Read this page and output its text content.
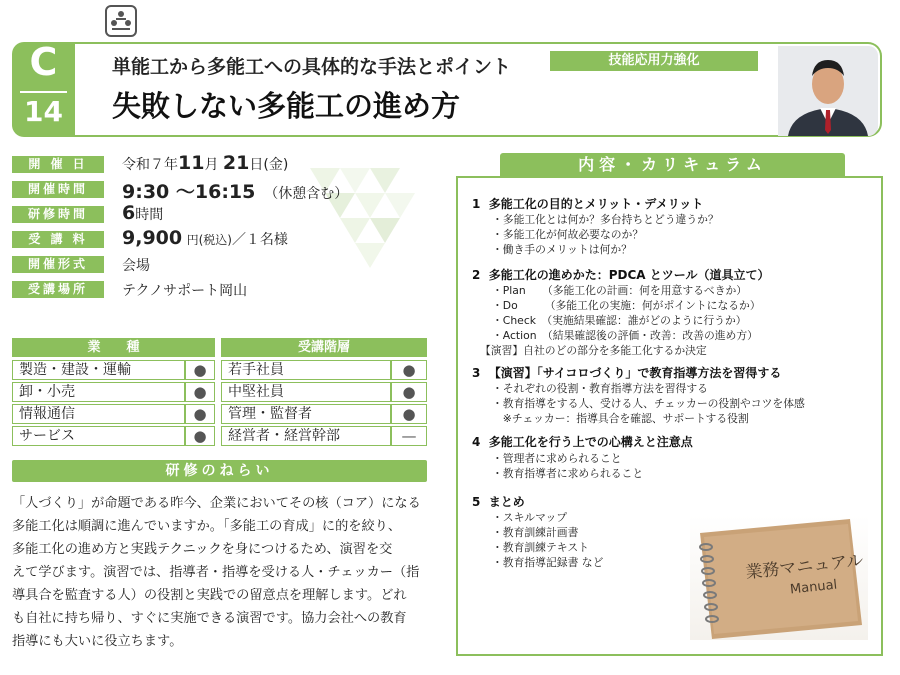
C
14
単能工から多能工への具体的な手法とポイント
失敗しない多能工の進め方
技能応用力強化
開 催 日	令和７年11月 21日(金)
開催時間	9:30 ～16:15 （休憩含む）
研修時間	6時間
受 講 料	9,900 円(税込)／１名様
開催形式	会場
受講場所	テクノサポート岡山
業　　種
製造・建設・運輸	●
卸・小売	●
情報通信	●
サービス	●
受講階層
若手社員	●
中堅社員	●
管理・監督者	●
経営者・経営幹部	—
研修のねらい
「人づくり」が命題である昨今、企業においてその核（コア）になる
多能工化は順調に進んでいますか。「多能工の育成」に的を絞り、
多能工化の進め方と実践テクニックを身につけるため、演習を交
えて学びます。演習では、指導者・指導を受ける人・チェッカー（指
導具合を監査する人）の役割と実践での留意点を理解します。どれ
も自社に持ち帰り、すぐに実施できる演習です。協力会社への教育
指導にも大いに役立ちます。
内容・カリキュラム
1 多能工化の目的とメリット・デメリット
・多能工化とは何か？多台持ちとどう違うか？
・多能工化が何故必要なのか？
・働き手のメリットは何か？
2 多能工化の進めかた：PDCA とツール（道具立て）
・Plan　　（多能工化の計画：何を用意するべきか）
・Do　　　（多能工化の実施：何がポイントになるか）
・Check　（実施結果確認：誰がどのように行うか）
・Action　（結果確認後の評価・改善：改善の進め方）
【演習】自社のどの部分を多能工化するか決定
3 【演習】「サイコロづくり」で教育指導方法を習得する
・それぞれの役割・教育指導方法を習得する
・教育指導をする人、受ける人、チェッカーの役割やコツを体感
　※チェッカー：指導具合を確認、サポートする役割
4 多能工化を行う上での心構えと注意点
・管理者に求められること
・教育指導者に求められること
5 まとめ
・スキルマップ
・教育訓練計画書
・教育訓練テキスト
・教育指導記録書 など	業務マニュアル
Manual
